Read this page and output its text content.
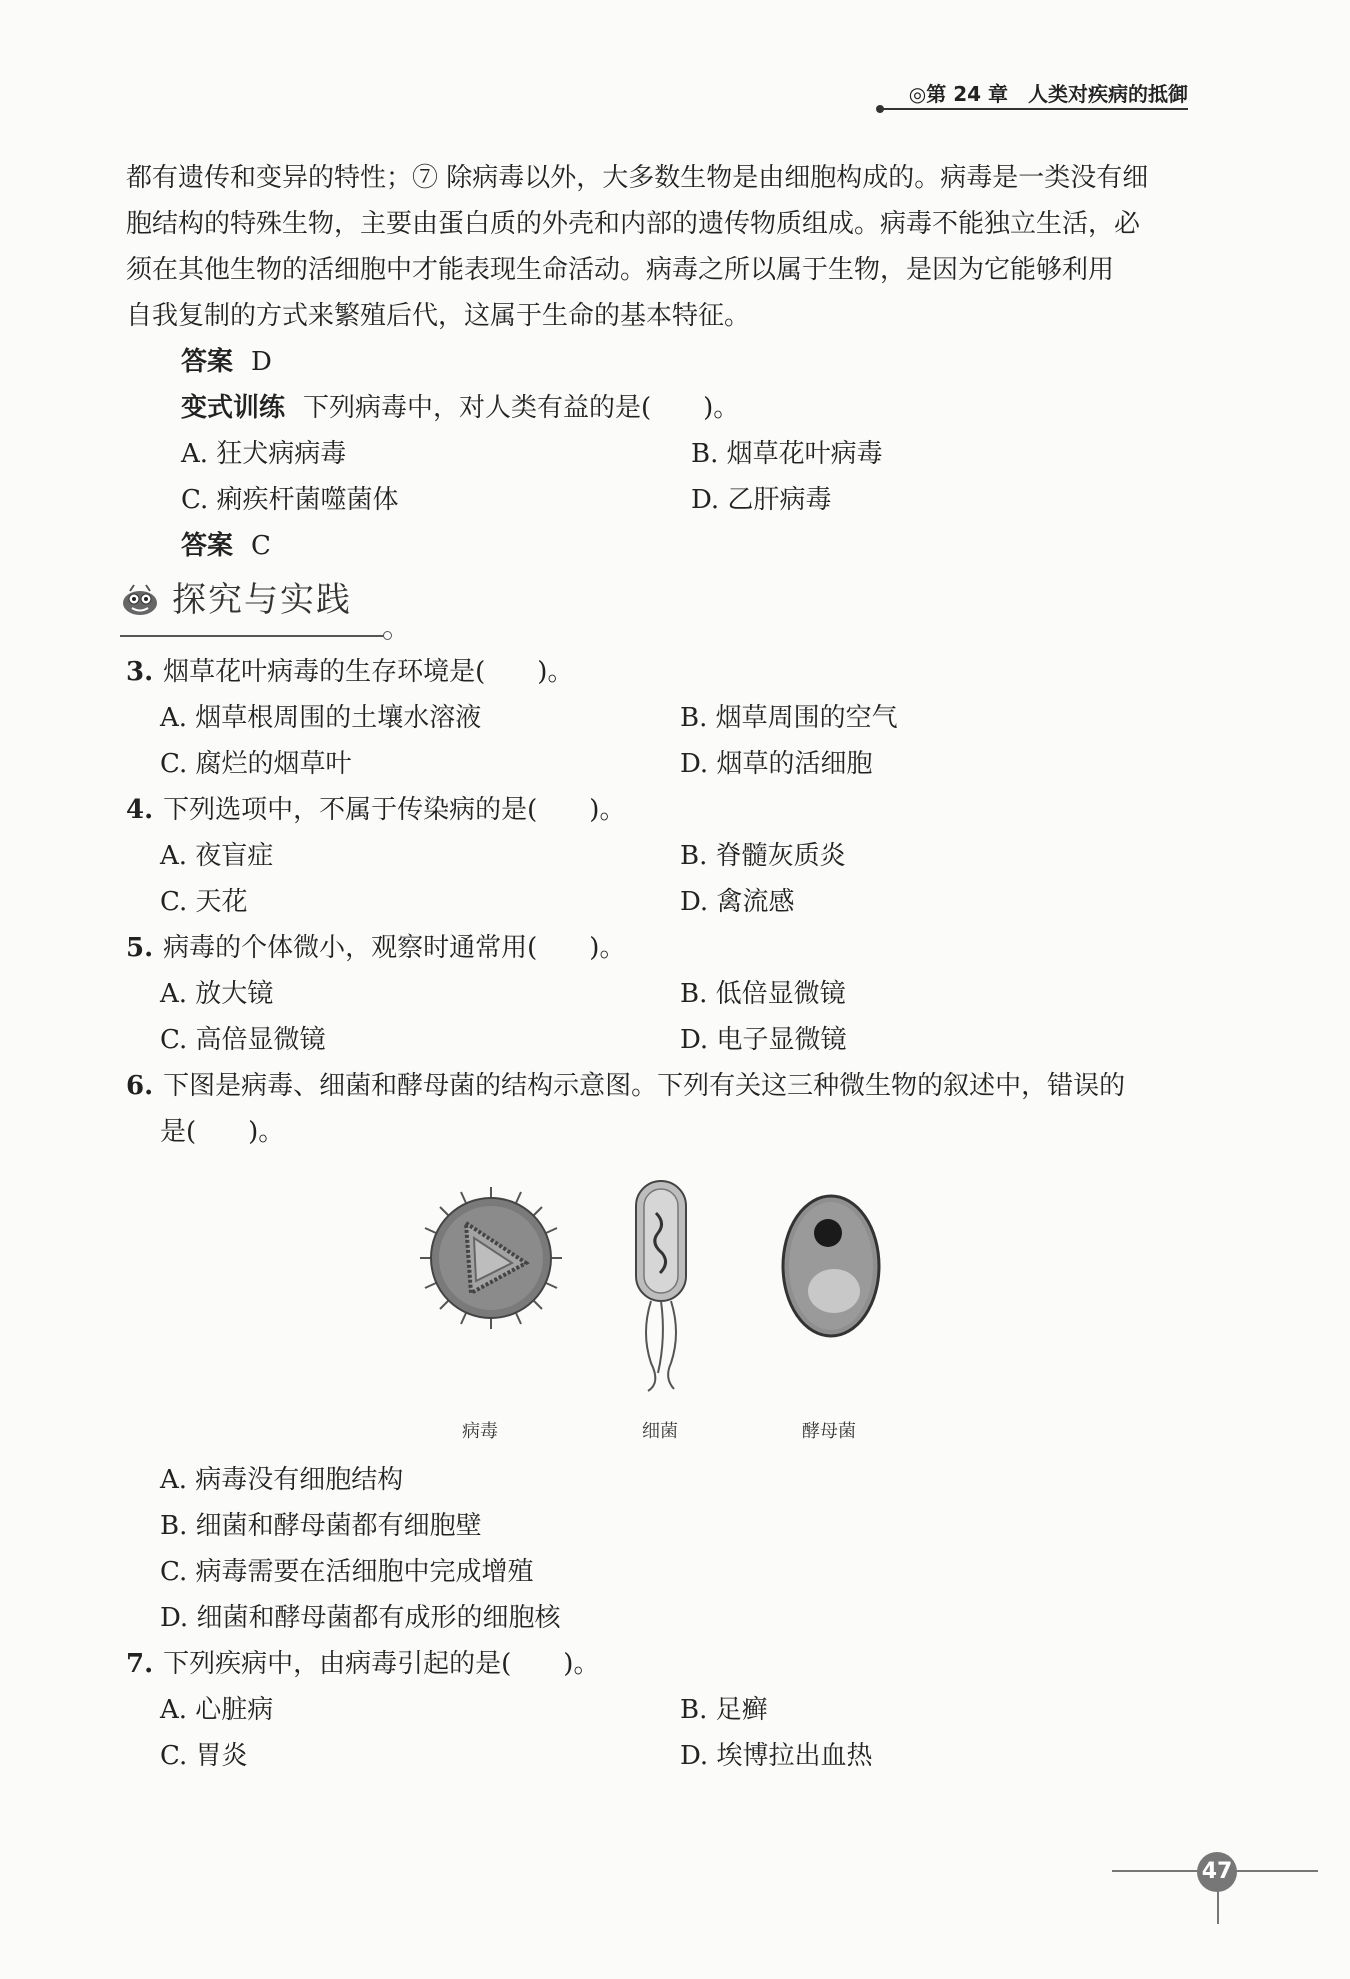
◎第 24 章　人类对疾病的抵御

都有遗传和变异的特性；⑦ 除病毒以外，大多数生物是由细胞构成的。病毒是一类没有细

胞结构的特殊生物，主要由蛋白质的外壳和内部的遗传物质组成。病毒不能独立生活，必

须在其他生物的活细胞中才能表现生命活动。病毒之所以属于生物，是因为它能够利用

自我复制的方式来繁殖后代，这属于生命的基本特征。

答案 D
变式训练 下列病毒中，对人类有益的是(　　)。
A. 狂犬病病毒	B. 烟草花叶病毒
C. 痢疾杆菌噬菌体	D. 乙肝病毒
答案 C
探究与实践
3. 烟草花叶病毒的生存环境是(　　)。
A. 烟草根周围的土壤水溶液	B. 烟草周围的空气
C. 腐烂的烟草叶	D. 烟草的活细胞
4. 下列选项中，不属于传染病的是(　　)。
A. 夜盲症	B. 脊髓灰质炎
C. 天花	D. 禽流感
5. 病毒的个体微小，观察时通常用(　　)。
A. 放大镜	B. 低倍显微镜
C. 高倍显微镜	D. 电子显微镜
6. 下图是病毒、细菌和酵母菌的结构示意图。下列有关这三种微生物的叙述中，错误的
是(　　)。
病毒	细菌	酵母菌
A. 病毒没有细胞结构
B. 细菌和酵母菌都有细胞壁
C. 病毒需要在活细胞中完成增殖
D. 细菌和酵母菌都有成形的细胞核
7. 下列疾病中，由病毒引起的是(　　)。
A. 心脏病	B. 足癣
C. 胃炎	D. 埃博拉出血热
47
